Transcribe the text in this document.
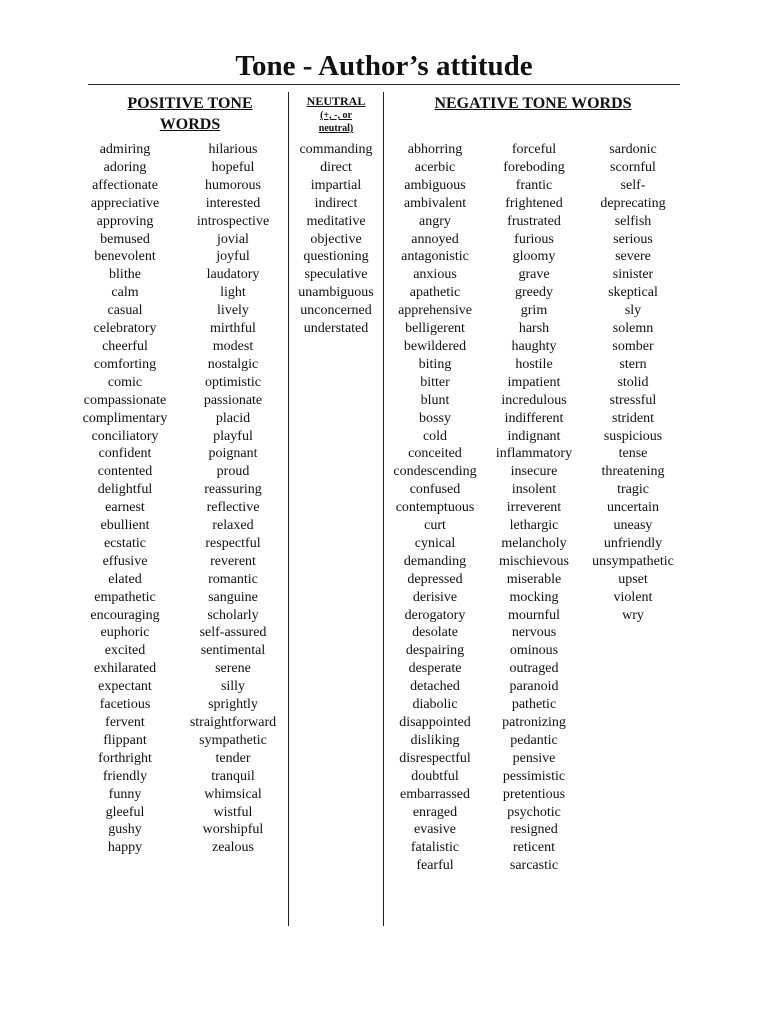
Tone - Author’s attitude
POSITIVE TONE
WORDS
NEUTRAL
(+, -, or
neutral)
NEGATIVE TONE WORDS
admiring
adoring
affectionate
appreciative
approving
bemused
benevolent
blithe
calm
casual
celebratory
cheerful
comforting
comic
compassionate
complimentary
conciliatory
confident
contented
delightful
earnest
ebullient
ecstatic
effusive
elated
empathetic
encouraging
euphoric
excited
exhilarated
expectant
facetious
fervent
flippant
forthright
friendly
funny
gleeful
gushy
happy
hilarious
hopeful
humorous
interested
introspective
jovial
joyful
laudatory
light
lively
mirthful
modest
nostalgic
optimistic
passionate
placid
playful
poignant
proud
reassuring
reflective
relaxed
respectful
reverent
romantic
sanguine
scholarly
self-assured
sentimental
serene
silly
sprightly
straightforward
sympathetic
tender
tranquil
whimsical
wistful
worshipful
zealous
commanding
direct
impartial
indirect
meditative
objective
questioning
speculative
unambiguous
unconcerned
understated
abhorring
acerbic
ambiguous
ambivalent
angry
annoyed
antagonistic
anxious
apathetic
apprehensive
belligerent
bewildered
biting
bitter
blunt
bossy
cold
conceited
condescending
confused
contemptuous
curt
cynical
demanding
depressed
derisive
derogatory
desolate
despairing
desperate
detached
diabolic
disappointed
disliking
disrespectful
doubtful
embarrassed
enraged
evasive
fatalistic
fearful
forceful
foreboding
frantic
frightened
frustrated
furious
gloomy
grave
greedy
grim
harsh
haughty
hostile
impatient
incredulous
indifferent
indignant
inflammatory
insecure
insolent
irreverent
lethargic
melancholy
mischievous
miserable
mocking
mournful
nervous
ominous
outraged
paranoid
pathetic
patronizing
pedantic
pensive
pessimistic
pretentious
psychotic
resigned
reticent
sarcastic
sardonic
scornful
self-
deprecating
selfish
serious
severe
sinister
skeptical
sly
solemn
somber
stern
stolid
stressful
strident
suspicious
tense
threatening
tragic
uncertain
uneasy
unfriendly
unsympathetic
upset
violent
wry
